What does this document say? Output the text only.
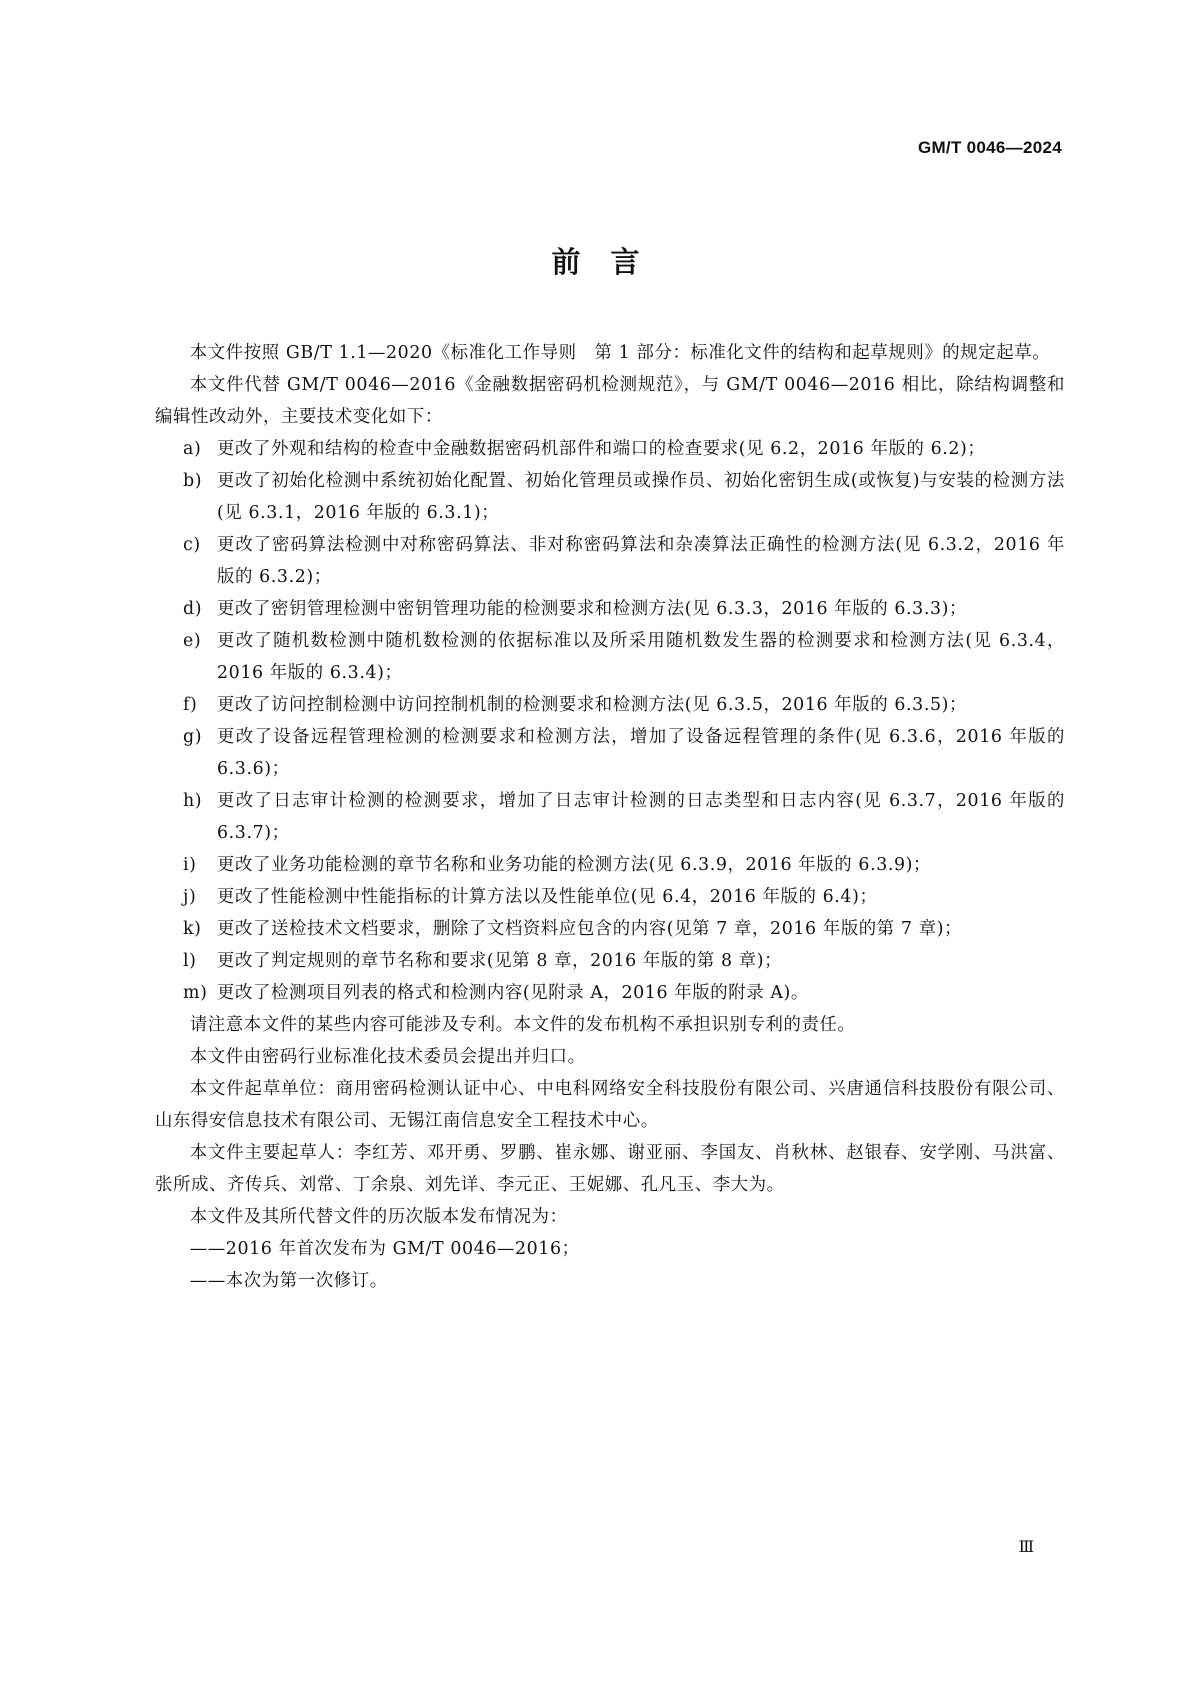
GM/T 0046—2024
前言

本文件按照 GB/T 1.1—2020《标准化工作导则　第 1 部分：标准化文件的结构和起草规则》的规定起草。

本文件代替 GM/T 0046—2016《金融数据密码机检测规范》，与 GM/T 0046—2016 相比，除结构调整和编辑性改动外，主要技术变化如下：

a) 更改了外观和结构的检查中金融数据密码机部件和端口的检查要求(见 6.2，2016 年版的 6.2)；
b) 更改了初始化检测中系统初始化配置、初始化管理员或操作员、初始化密钥生成(或恢复)与安装的检测方法(见 6.3.1，2016 年版的 6.3.1)；
c) 更改了密码算法检测中对称密码算法、非对称密码算法和杂凑算法正确性的检测方法(见 6.3.2，2016 年版的 6.3.2)；
d) 更改了密钥管理检测中密钥管理功能的检测要求和检测方法(见 6.3.3，2016 年版的 6.3.3)；
e) 更改了随机数检测中随机数检测的依据标准以及所采用随机数发生器的检测要求和检测方法(见 6.3.4，2016 年版的 6.3.4)；
f) 更改了访问控制检测中访问控制机制的检测要求和检测方法(见 6.3.5，2016 年版的 6.3.5)；
g) 更改了设备远程管理检测的检测要求和检测方法，增加了设备远程管理的条件(见 6.3.6，2016 年版的 6.3.6)；
h) 更改了日志审计检测的检测要求，增加了日志审计检测的日志类型和日志内容(见 6.3.7，2016 年版的 6.3.7)；
i) 更改了业务功能检测的章节名称和业务功能的检测方法(见 6.3.9，2016 年版的 6.3.9)；
j) 更改了性能检测中性能指标的计算方法以及性能单位(见 6.4，2016 年版的 6.4)；
k) 更改了送检技术文档要求，删除了文档资料应包含的内容(见第 7 章，2016 年版的第 7 章)；
l) 更改了判定规则的章节名称和要求(见第 8 章，2016 年版的第 8 章)；
m) 更改了检测项目列表的格式和检测内容(见附录 A，2016 年版的附录 A)。

请注意本文件的某些内容可能涉及专利。本文件的发布机构不承担识别专利的责任。

本文件由密码行业标准化技术委员会提出并归口。

本文件起草单位：商用密码检测认证中心、中电科网络安全科技股份有限公司、兴唐通信科技股份有限公司、山东得安信息技术有限公司、无锡江南信息安全工程技术中心。

本文件主要起草人：李红芳、邓开勇、罗鹏、崔永娜、谢亚丽、李国友、肖秋林、赵银春、安学刚、马洪富、张所成、齐传兵、刘常、丁余泉、刘先详、李元正、王妮娜、孔凡玉、李大为。

本文件及其所代替文件的历次版本发布情况为：

——2016 年首次发布为 GM/T 0046—2016；

——本次为第一次修订。

Ⅲ
